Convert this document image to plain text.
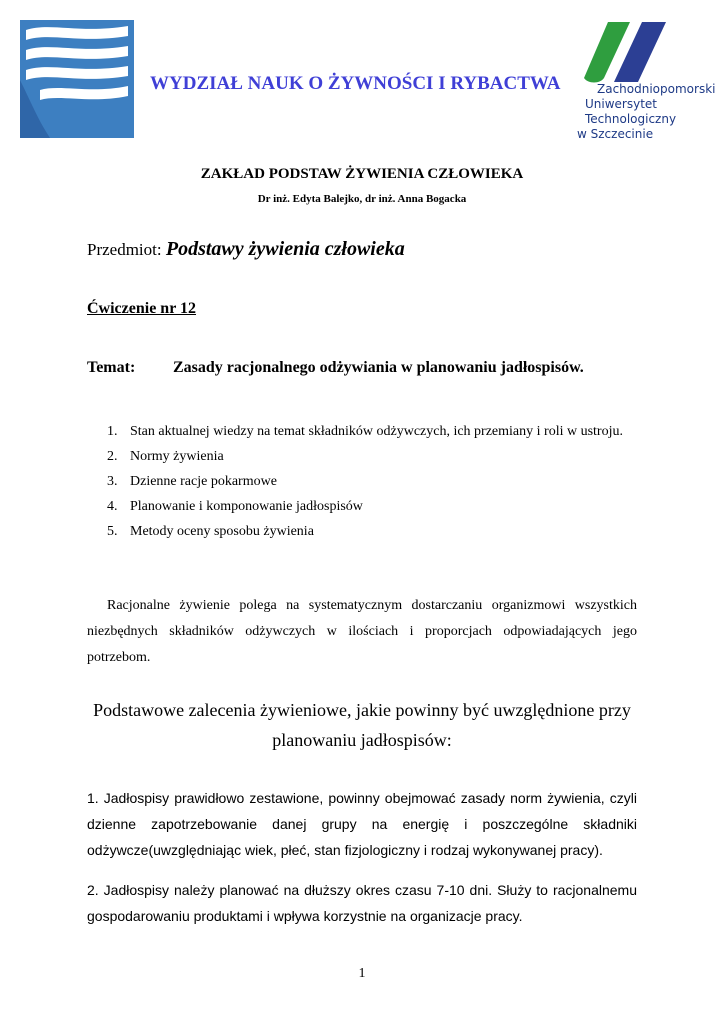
WYDZIAŁ NAUK O ŻYWNOŚCI I RYBACTWA	Zachodniopomorski
Uniwersytet
Technologiczny
w Szczecinie
ZAKŁAD PODSTAW ŻYWIENIA CZŁOWIEKA
Dr inż. Edyta Balejko, dr inż. Anna Bogacka
Przedmiot: Podstawy żywienia człowieka
Ćwiczenie nr 12
Temat: Zasady racjonalnego odżywiania w planowaniu jadłospisów.
1. Stan aktualnej wiedzy na temat składników odżywczych, ich przemiany i roli w ustroju.
2. Normy żywienia
3. Dzienne racje pokarmowe
4. Planowanie i komponowanie jadłospisów
5. Metody oceny sposobu żywienia
Racjonalne żywienie polega na systematycznym dostarczaniu organizmowi wszystkich niezbędnych składników odżywczych w ilościach i proporcjach odpowiadających jego potrzebom.
Podstawowe zalecenia żywieniowe, jakie powinny być uwzględnione przy
planowaniu jadłospisów:
1. Jadłospisy prawidłowo zestawione, powinny obejmować zasady norm żywienia, czyli dzienne zapotrzebowanie danej grupy na energię i poszczególne składniki odżywcze(uwzględniając wiek, płeć, stan fizjologiczny i rodzaj wykonywanej pracy).
2. Jadłospisy należy planować na dłuższy okres czasu 7-10 dni. Służy to racjonalnemu gospodarowaniu produktami i wpływa korzystnie na organizacje pracy.
1
